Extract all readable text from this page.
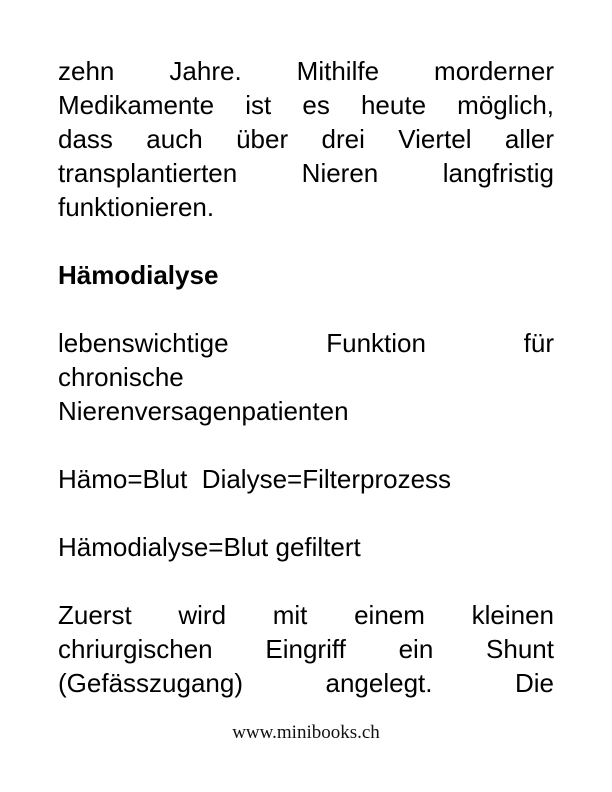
zehn Jahre. Mithilfe morderner
Medikamente ist es heute möglich,
dass auch über drei Viertel aller
transplantierten Nieren langfristig
funktionieren.

Hämodialyse

lebenswichtige Funktion für
chronische
Nierenversagenpatienten

Hämo=Blut  Dialyse=Filterprozess

Hämodialyse=Blut gefiltert

Zuerst wird mit einem kleinen
chriurgischen Eingriff ein Shunt
(Gefässzugang) angelegt. Die

www.minibooks.ch
